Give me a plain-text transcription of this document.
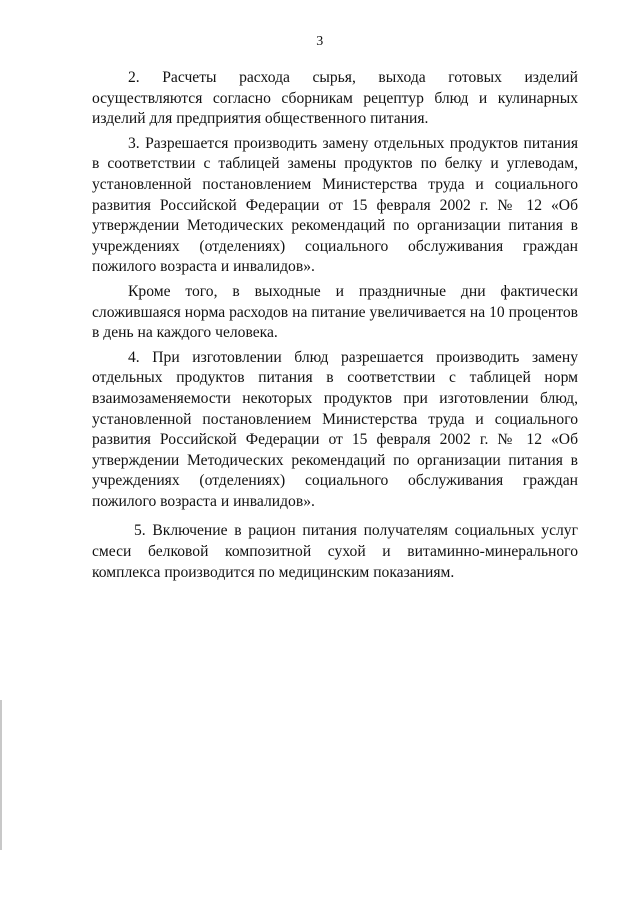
3

2. Расчеты расхода сырья, выхода готовых изделий осуществляются согласно сборникам рецептур блюд и кулинарных изделий для предприятия общественного питания.

3. Разрешается производить замену отдельных продуктов питания в соответствии с таблицей замены продуктов по белку и углеводам, установленной постановлением Министерства труда и социального развития Российской Федерации от 15 февраля 2002 г. № 12 «Об утверждении Методических рекомендаций по организации питания в учреждениях (отделениях) социального обслуживания граждан пожилого возраста и инвалидов».

Кроме того, в выходные и праздничные дни фактически сложившаяся норма расходов на питание увеличивается на 10 процентов в день на каждого человека.

4. При изготовлении блюд разрешается производить замену отдельных продуктов питания в соответствии с таблицей норм взаимозаменяемости некоторых продуктов при изготовлении блюд, установленной постановлением Министерства труда и социального развития Российской Федерации от 15 февраля 2002 г. № 12 «Об утверждении Методических рекомендаций по организации питания в учреждениях (отделениях) социального обслуживания граждан пожилого возраста и инвалидов».

5. Включение в рацион питания получателям социальных услуг смеси белковой композитной сухой и витаминно-минерального комплекса производится по медицинским показаниям.
